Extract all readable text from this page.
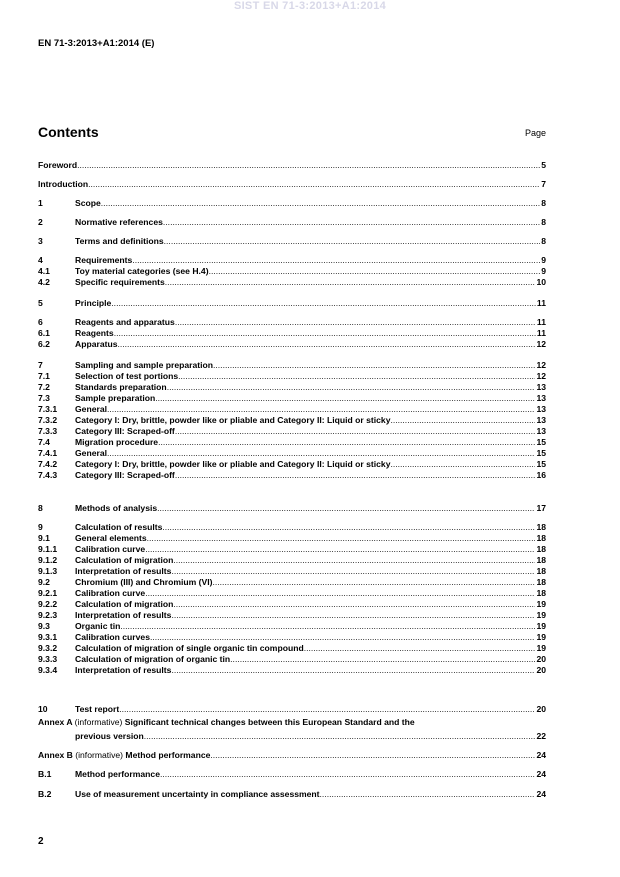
SIST EN 71-3:2013+A1:2014
EN 71-3:2013+A1:2014 (E)
Contents	Page
Foreword .....	5
Introduction .....	7
1	Scope .....	8
2	Normative references .....	8
3	Terms and definitions .....	8
4	Requirements .....	9
4.1	Toy material categories (see H.4) .....	9
4.2	Specific requirements .....	10
5	Principle .....	11
6	Reagents and apparatus .....	11
6.1	Reagents .....	11
6.2	Apparatus .....	12
7	Sampling and sample preparation .....	12
7.1	Selection of test portions .....	12
7.2	Standards preparation .....	13
7.3	Sample preparation .....	13
7.3.1	General .....	13
7.3.2	Category I: Dry, brittle, powder like or pliable and Category II: Liquid or sticky .....	13
7.3.3	Category III: Scraped-off .....	13
7.4	Migration procedure .....	15
7.4.1	General .....	15
7.4.2	Category I: Dry, brittle, powder like or pliable and Category II: Liquid or sticky .....	15
7.4.3	Category III: Scraped-off .....	16
8	Methods of analysis .....	17
9	Calculation of results .....	18
9.1	General elements .....	18
9.1.1	Calibration curve .....	18
9.1.2	Calculation of migration .....	18
9.1.3	Interpretation of results .....	18
9.2	Chromium (III) and Chromium (VI) .....	18
9.2.1	Calibration curve .....	18
9.2.2	Calculation of migration .....	19
9.2.3	Interpretation of results .....	19
9.3	Organic tin .....	19
9.3.1	Calibration curves .....	19
9.3.2	Calculation of migration of single organic tin compound .....	19
9.3.3	Calculation of migration of organic tin .....	20
9.3.4	Interpretation of results .....	20
10	Test report .....	20
Annex A (informative) Significant technical changes between this European Standard and the
previous version .....	22
Annex B (informative) Method performance .....	24
B.1	Method performance .....	24
B.2	Use of measurement uncertainty in compliance assessment .....	24
2
